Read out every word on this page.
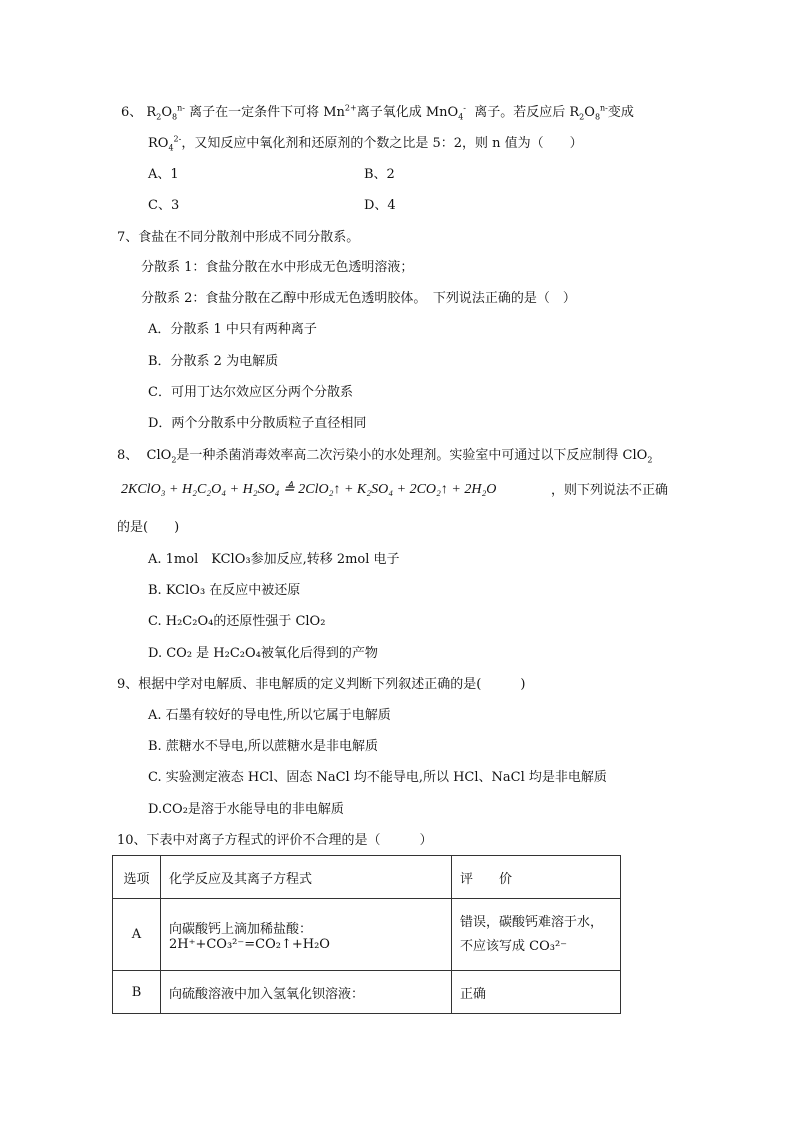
6、 $R_2O_8^{n-}$ 离子在一定条件下可将 $Mn^{2+}$离子氧化成 MnO$_4$- 离子。若反应后 $R_2O_8^{n-}$变成
$RO_4^{2-}$，又知反应中氧化剂和还原剂的个数之比是 5：2，则 n 值为（　　）
A、1	B、2
C、3	D、4
7、食盐在不同分散剂中形成不同分散系。
分散系 1：食盐分散在水中形成无色透明溶液；
分散系 2：食盐分散在乙醇中形成无色透明胶体。　下列说法正确的是（　）
A．分散系 1 中只有两种离子
B．分散系 2 为电解质
C．可用丁达尔效应区分两个分散系
D．两个分散系中分散质粒子直径相同
8、 ClO$_2$是一种杀菌消毒效率高二次污染小的水处理剂。实验室中可通过以下反应制得 ClO$_2$
2KClO₃ + H₂C₂O₄ + H₂SO₄ ≜ 2ClO₂↑ + K₂SO₄ + 2CO₂↑ + 2H₂O	，则下列说法不正确
的是(　　)
A. 1mol　KClO₃参加反应,转移 2mol 电子
B. KClO₃ 在反应中被还原
C. H₂C₂O₄的还原性强于 ClO₂
D. CO₂ 是 H₂C₂O₄被氧化后得到的产物
9、根据中学对电解质、非电解质的定义判断下列叙述正确的是(　　　)
A. 石墨有较好的导电性,所以它属于电解质
B. 蔗糖水不导电,所以蔗糖水是非电解质
C. 实验测定液态 HCl、固态 NaCl 均不能导电,所以 HCl、NaCl 均是非电解质
D.CO₂是溶于水能导电的非电解质
10、下表中对离子方程式的评价不合理的是（　　　）
选项	化学反应及其离子方程式	评　　价
A	向碳酸钙上滴加稀盐酸：2H⁺+CO₃²⁻=CO₂↑+H₂O	错误，碳酸钙难溶于水，
不应该写成 CO₃²⁻

B	向硫酸溶液中加入氢氧化钡溶液：	正确
